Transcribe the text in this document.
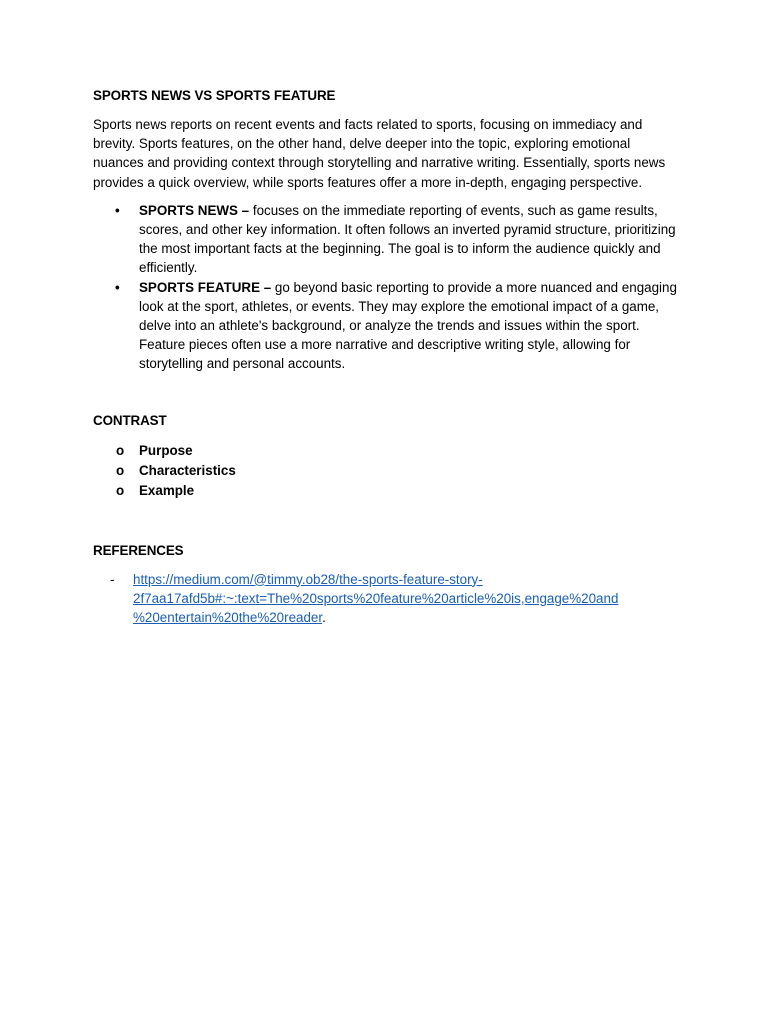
SPORTS NEWS VS SPORTS FEATURE

Sports news reports on recent events and facts related to sports, focusing on immediacy and brevity. Sports features, on the other hand, delve deeper into the topic, exploring emotional nuances and providing context through storytelling and narrative writing. Essentially, sports news provides a quick overview, while sports features offer a more in-depth, engaging perspective.

• SPORTS NEWS – focuses on the immediate reporting of events, such as game results, scores, and other key information. It often follows an inverted pyramid structure, prioritizing the most important facts at the beginning. The goal is to inform the audience quickly and efficiently.
• SPORTS FEATURE – go beyond basic reporting to provide a more nuanced and engaging look at the sport, athletes, or events. They may explore the emotional impact of a game, delve into an athlete's background, or analyze the trends and issues within the sport. Feature pieces often use a more narrative and descriptive writing style, allowing for storytelling and personal accounts.

CONTRAST

o Purpose
o Characteristics
o Example

REFERENCES

- https://medium.com/@timmy.ob28/the-sports-feature-story-
2f7aa17afd5b#:~:text=The%20sports%20feature%20article%20is,engage%20and
%20entertain%20the%20reader.
